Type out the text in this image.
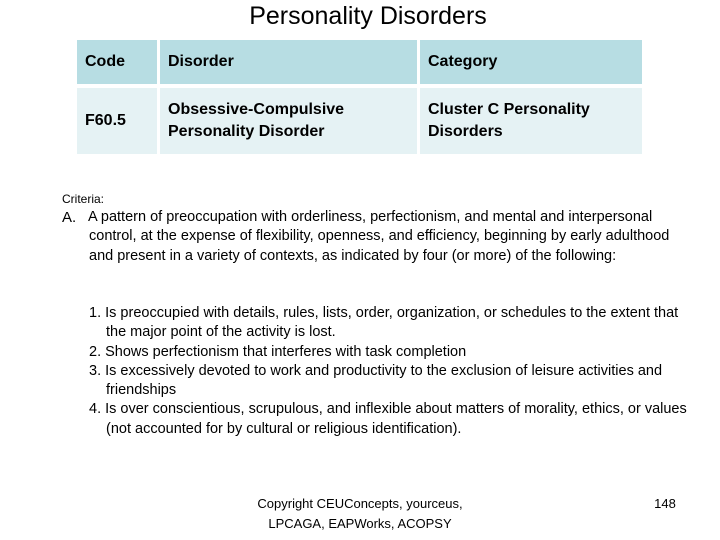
Personality Disorders
Code	Disorder	Category
F60.5	Obsessive-Compulsive Personality Disorder	Cluster C Personality Disorders
Criteria:
A. A pattern of preoccupation with orderliness, perfectionism, and mental and interpersonal control, at the expense of flexibility, openness, and efficiency, beginning by early adulthood and present in a variety of contexts, as indicated by four (or more) of the following:
1. Is preoccupied with details, rules, lists, order, organization, or schedules to the extent that the major point of the activity is lost.
2. Shows perfectionism that interferes with task completion
3. Is excessively devoted to work and productivity to the exclusion of leisure activities and friendships
4. Is over conscientious, scrupulous, and inflexible about matters of morality, ethics, or values (not accounted for by cultural or religious identification).
Copyright CEUConcepts, yourceus, LPCAGA, EAPWorks, ACOPSY
148
